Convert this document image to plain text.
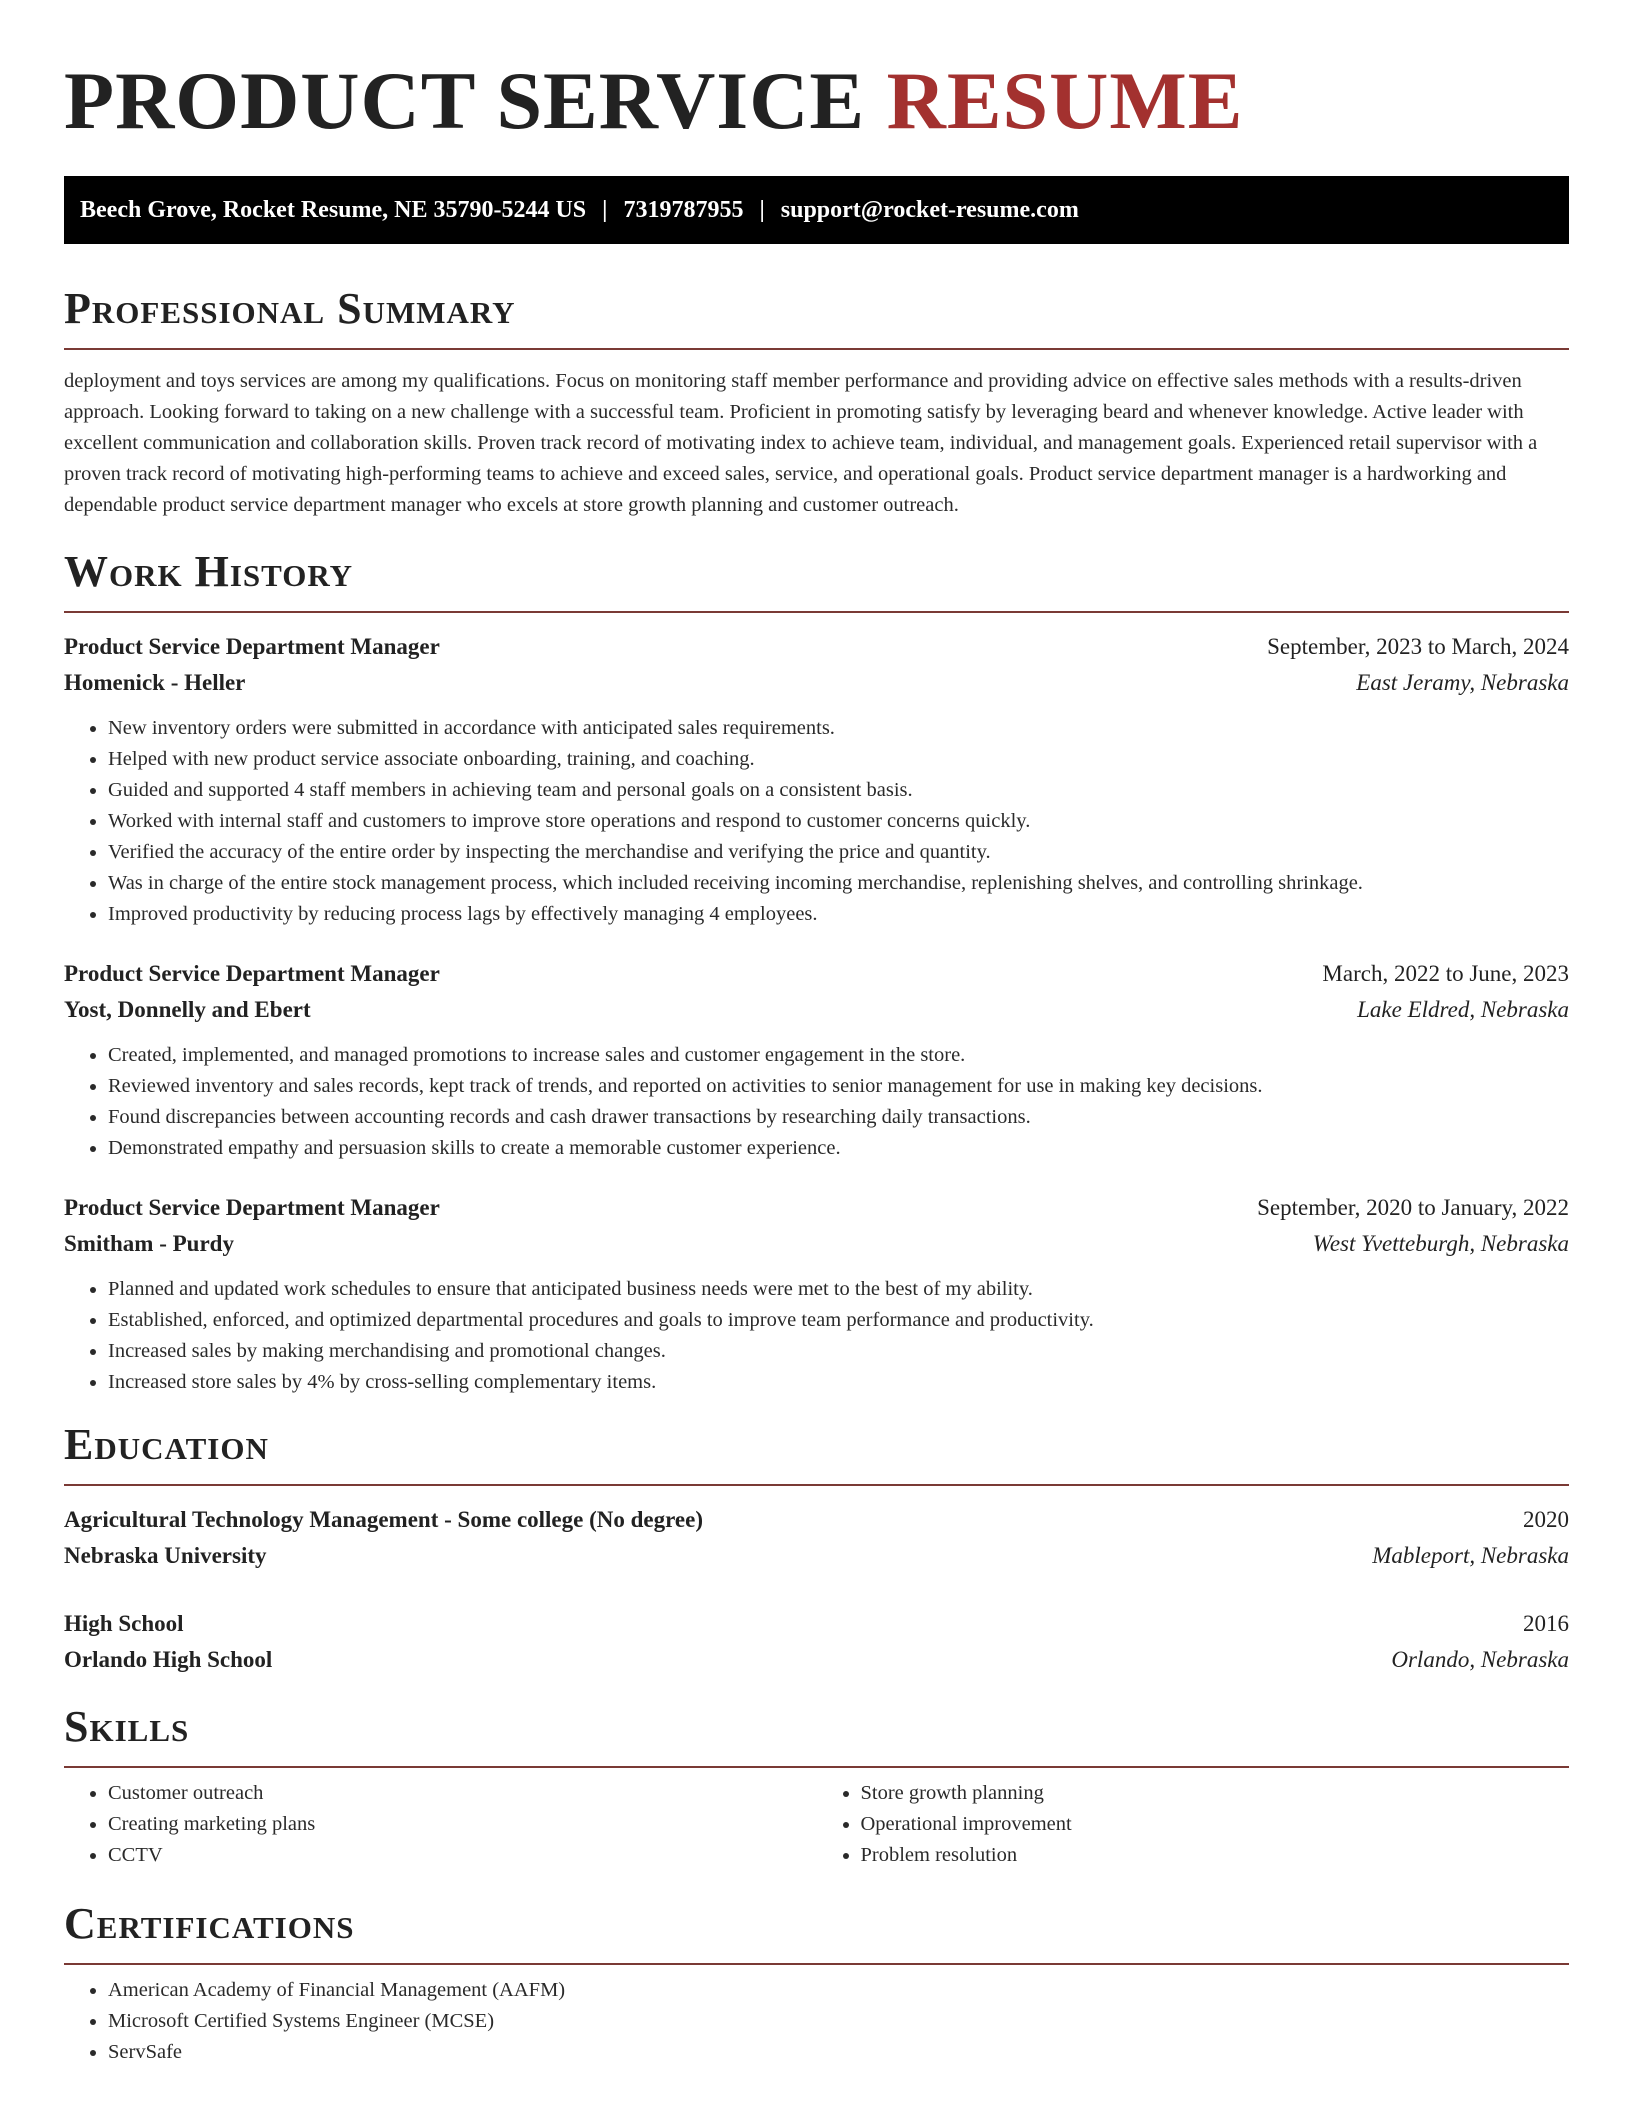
PRODUCT SERVICE RESUME
Beech Grove, Rocket Resume, NE 35790-5244 US | 7319787955 | support@rocket-resume.com
Professional Summary

deployment and toys services are among my qualifications. Focus on monitoring staff member performance and providing advice on effective sales methods with a results-driven approach. Looking forward to taking on a new challenge with a successful team. Proficient in promoting satisfy by leveraging beard and whenever knowledge. Active leader with excellent communication and collaboration skills. Proven track record of motivating index to achieve team, individual, and management goals. Experienced retail supervisor with a proven track record of motivating high-performing teams to achieve and exceed sales, service, and operational goals. Product service department manager is a hardworking and dependable product service department manager who excels at store growth planning and customer outreach.

Work History
Product Service Department Manager	September, 2023 to March, 2024
Homenick - Heller	East Jeramy, Nebraska
• New inventory orders were submitted in accordance with anticipated sales requirements.
• Helped with new product service associate onboarding, training, and coaching.
• Guided and supported 4 staff members in achieving team and personal goals on a consistent basis.
• Worked with internal staff and customers to improve store operations and respond to customer concerns quickly.
• Verified the accuracy of the entire order by inspecting the merchandise and verifying the price and quantity.
• Was in charge of the entire stock management process, which included receiving incoming merchandise, replenishing shelves, and controlling shrinkage.
• Improved productivity by reducing process lags by effectively managing 4 employees.
Product Service Department Manager	March, 2022 to June, 2023
Yost, Donnelly and Ebert	Lake Eldred, Nebraska
• Created, implemented, and managed promotions to increase sales and customer engagement in the store.
• Reviewed inventory and sales records, kept track of trends, and reported on activities to senior management for use in making key decisions.
• Found discrepancies between accounting records and cash drawer transactions by researching daily transactions.
• Demonstrated empathy and persuasion skills to create a memorable customer experience.
Product Service Department Manager	September, 2020 to January, 2022
Smitham - Purdy	West Yvetteburgh, Nebraska
• Planned and updated work schedules to ensure that anticipated business needs were met to the best of my ability.
• Established, enforced, and optimized departmental procedures and goals to improve team performance and productivity.
• Increased sales by making merchandising and promotional changes.
• Increased store sales by 4% by cross-selling complementary items.
Education
Agricultural Technology Management - Some college (No degree)	2020
Nebraska University	Mableport, Nebraska
High School	2016
Orlando High School	Orlando, Nebraska
Skills
• Customer outreach
• Creating marketing plans
• CCTV
• Store growth planning
• Operational improvement
• Problem resolution
Certifications
• American Academy of Financial Management (AAFM)
• Microsoft Certified Systems Engineer (MCSE)
• ServSafe
